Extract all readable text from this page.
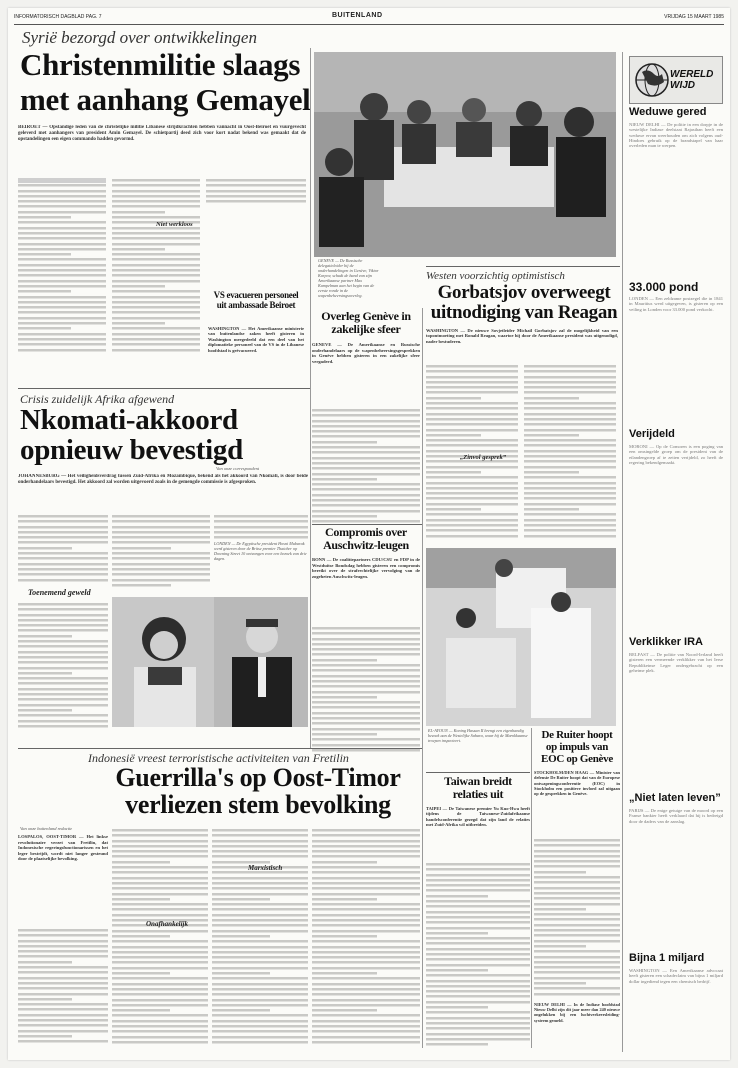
INFORMATORISCH DAGBLAD PAG. 7	BUITENLAND	VRIJDAG 15 MAART 1985
Syrië bezorgd over ontwikkelingen
Christenmilitie slaags
met aanhang Gemayel
BEIROET — Opstandige leden van de christelijke militie Libanese strijdkrachten hebben vannacht in Oost-Beiroet en vuurgevecht geleverd met aanhangers van president Amin Gemayel. De schietpartij deed zich voor kort nadat bekend was gemaakt dat de opstandelingen een eigen commando hadden gevormd.
Niet werkloos
VS evacueren personeel uit ambassade Beiroet
WASHINGTON — Het Amerikaanse ministerie van buitenlandse zaken heeft gisteren in Washington meegedeeld dat een deel van het diplomatieke personeel van de VS in de Libanese hoofdstad is geëvacueerd.
GENEVE — De Russische delegatieleider bij de onderhandelingen in Genève, Viktor Karpov, schudt de hand van zijn Amerikaanse partner Max Kampelman aan het begin van de eerste ronde in de wapenbeheersingsoverleg.
Overleg Genève in zakelijke sfeer
GENEVE — De Amerikaanse en Russische onderhandelaars op de wapenbeheersingsgesprekken in Genève hebben gisteren in een zakelijke sfeer vergaderd.
Westen voorzichtig optimistisch
Gorbatsjov overweegt
uitnodiging van Reagan
WASHINGTON — De nieuwe Sovjetleider Michail Gorbatsjov zal de mogelijkheid van een topontmoeting met Ronald Reagan, waartoe hij door de Amerikaanse president was uitgenodigd, nader bestuderen.
„Zinvol gesprek”
Crisis zuidelijk Afrika afgewend
Nkomati-akkoord
opnieuw bevestigd
Van onze correspondent
JOHANNESBURG — Het veiligheidsverdrag tussen Zuid-Afrika en Mozambique, bekend als het akkoord van Nkomati, is door beide onderhandelaars bevestigd. Het akkoord zal worden uitgevoerd zoals in de gemengde commissie is afgesproken.
Toenemend geweld
LONDEN — De Egyptische president Hosni Mubarak werd gisteren door de Britse premier Thatcher op Downing Street 10 ontvangen voor een bezoek van drie dagen.
Compromis over
Auschwitz-leugen
BONN — De coalitiepartners CDU/CSU en FDP in de Westduitse Bondsdag hebben gisteren een compromis bereikt over de strafrechtelijke vervolging van de zogeheten Auschwitz-leugen.
EL-AYOUN — Koning Hassan II brengt een eigenhandig bezoek aan de Westelijke Sahara, waar hij de Marokkaanse troepen inspecteert.	De Ruiter hoopt
op impuls van
EOC op Genève
STOCKHOLM/DEN HAAG — Minister van defensie De Ruiter hoopt dat van de Europese ontwapeningsconferentie (EOC) in Stockholm een positieve invloed zal uitgaan op de gesprekken in Genève.
NIEUW DELHI — In de Indiase hoofdstad Nieuw Delhi zijn dit jaar meer dan 240 nieuwe ongelukken bij een luchtverkeersleiding-systeem gemeld.
Taiwan breidt
relaties uit
TAIPEI — De Taiwanese premier Yu Kuo-Hwa heeft tijdens de Taiwanese-Zuidafrikaanse handelsconferentie gezegd dat zijn land de relaties met Zuid-Afrika wil uitbreiden.
Indonesië vreest terroristische activiteiten van Fretilin
Guerrilla's op Oost-Timor
verliezen stem bevolking
Van onze buitenland redactie
LOSPALOS, OOST-TIMOR — Het linkse revolutionaire verzet van Fretilin, dat Indonesische regeringsfunctionarissen en het leger bestrijdt, wordt niet langer gesteund door de plaatselijke bevolking.
Marxistisch
Onafhankelijk
WERELD WIJD
Weduwe gered
NIEUW DELHI — De politie in een dorpje in de westelijke Indiase deelstaat Rajasthan heeft een weduwe ervan weerhouden om zich volgens oud-Hindoes gebruik op de brandstapel van haar overleden man te werpen.
33.000 pond
LONDEN — Een zeldzame postzegel die in 1841 in Mauritius werd uitgegeven, is gisteren op een veiling in Londen voor 33.000 pond verkocht.
Verijdeld
MORONI — Op de Comoren is een poging van een omsingelde groep om de president van de eilandengroep af te zetten verijdeld, zo heeft de regering bekendgemaakt.
Verklikker IRA
BELFAST — De politie van Noord-Ierland heeft gisteren een vermeende verklikker van het Ierse Republikeinse Leger ondergebracht op een geheime plek.
„Niet laten leven”
PARIJS — De enige getuige van de moord op een Franse bankier heeft verklaard dat hij is bedreigd door de daders van de aanslag.
Bijna 1 miljard
WASHINGTON — Een Amerikaanse advocaat heeft gisteren een schadeclaim van bijna 1 miljard dollar ingediend tegen een chemisch bedrijf.
